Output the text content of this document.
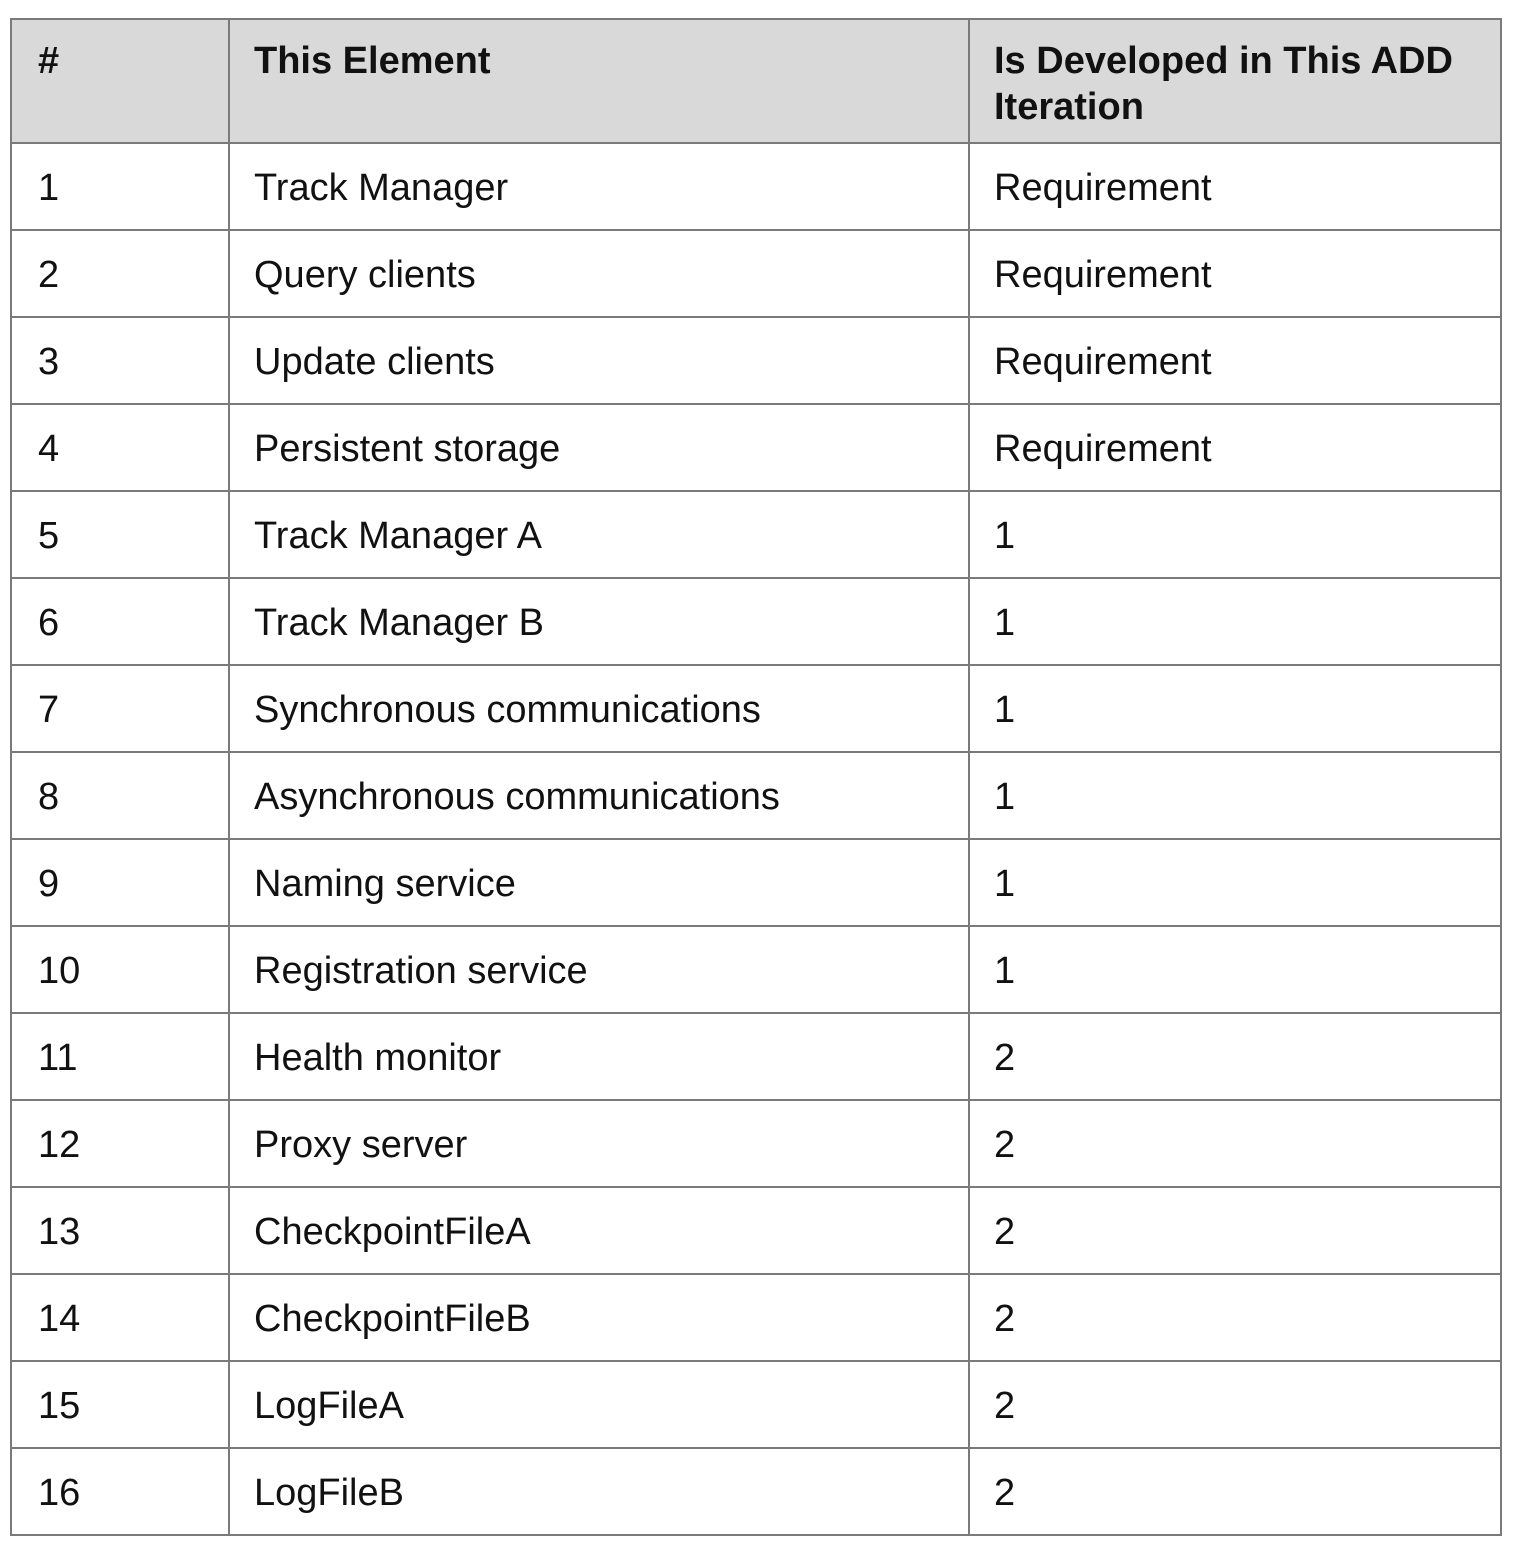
#	This Element	Is Developed in This ADD Iteration
1	Track Manager	Requirement
2	Query clients	Requirement
3	Update clients	Requirement
4	Persistent storage	Requirement
5	Track Manager A	1
6	Track Manager B	1
7	Synchronous communications	1
8	Asynchronous communications	1
9	Naming service	1
10	Registration service	1
11	Health monitor	2
12	Proxy server	2
13	CheckpointFileA	2
14	CheckpointFileB	2
15	LogFileA	2
16	LogFileB	2
